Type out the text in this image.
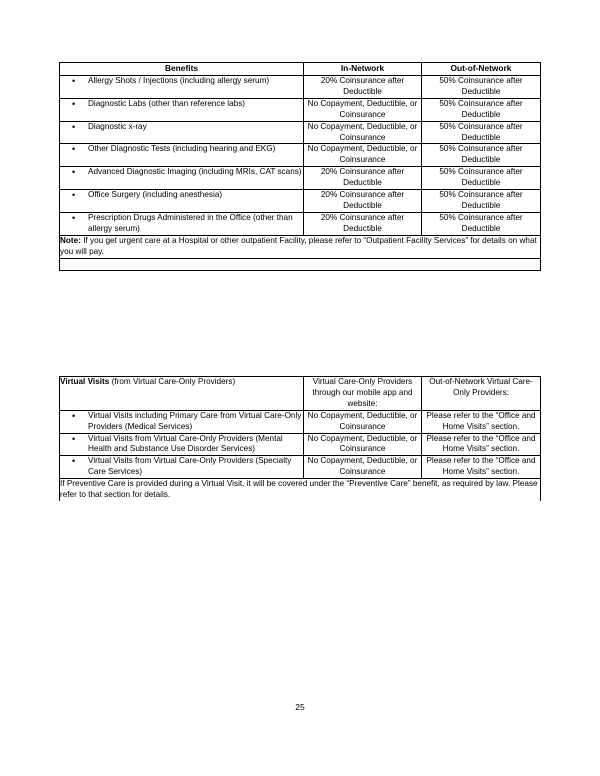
Benefits	In-Network	Out-of-Network

• Allergy Shots / Injections (including allergy serum)	20% Coinsurance after Deductible	50% Coinsurance after Deductible

• Diagnostic Labs (other than reference labs)	No Copayment, Deductible, or Coinsurance	50% Coinsurance after Deductible

• Diagnostic x-ray	No Copayment, Deductible, or Coinsurance	50% Coinsurance after Deductible

• Other Diagnostic Tests (including hearing and EKG)	No Copayment, Deductible, or Coinsurance	50% Coinsurance after Deductible

• Advanced Diagnostic Imaging (including MRIs, CAT scans)	20% Coinsurance after Deductible	50% Coinsurance after Deductible

• Office Surgery (including anesthesia)	20% Coinsurance after Deductible	50% Coinsurance after Deductible

• Prescription Drugs Administered in the Office (other than allergy serum)	20% Coinsurance after Deductible	50% Coinsurance after Deductible
Note: If you get urgent care at a Hospital or other outpatient Facility, please refer to “Outpatient Facility Services” for details on what you will pay.		

Virtual Visits (from Virtual Care-Only Providers)	Virtual Care-Only Providers through our mobile app and website:	Out-of-Network Virtual Care-Only Providers:

• Virtual Visits including Primary Care from Virtual Care-Only Providers (Medical Services)	No Copayment, Deductible, or Coinsurance	Please refer to the “Office and Home Visits” section.

• Virtual Visits from Virtual Care-Only Providers (Mental Health and Substance Use Disorder Services)	No Copayment, Deductible, or Coinsurance	Please refer to the “Office and Home Visits” section.

• Virtual Visits from Virtual Care-Only Providers (Specialty Care Services)	No Copayment, Deductible, or Coinsurance	Please refer to the “Office and Home Visits” section.
If Preventive Care is provided during a Virtual Visit, it will be covered under the “Preventive Care” benefit, as required by law. Please refer to that section for details.		
25
